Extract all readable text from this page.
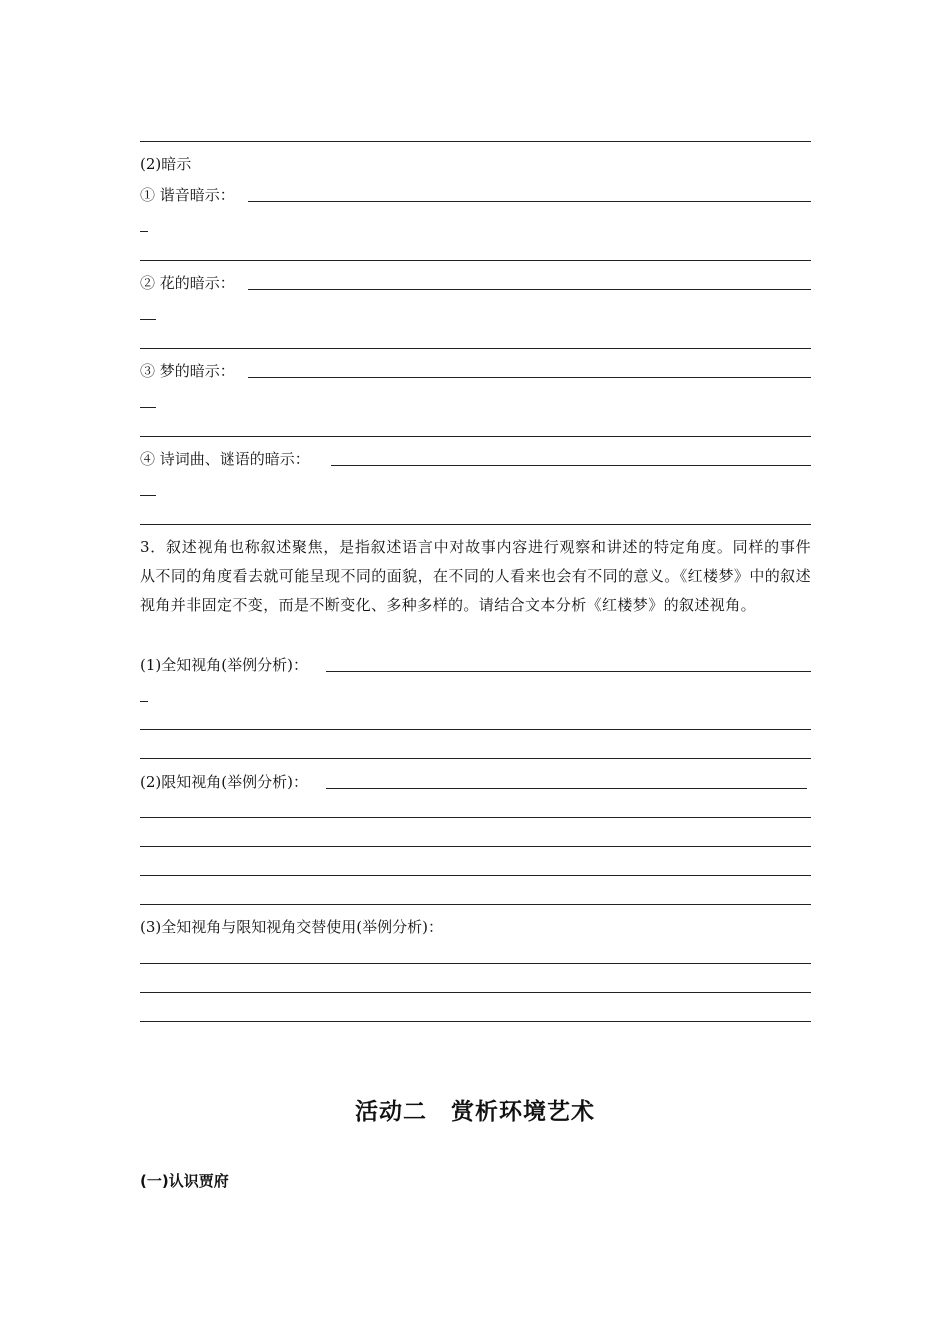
(2)暗示
① 谐音暗示：
② 花的暗示：
③ 梦的暗示：
④ 诗词曲、谜语的暗示：
3．叙述视角也称叙述聚焦，是指叙述语言中对故事内容进行观察和讲述的特定角度。同样的事件从不同的角度看去就可能呈现不同的面貌，在不同的人看来也会有不同的意义。《红楼梦》中的叙述视角并非固定不变，而是不断变化、多种多样的。请结合文本分析《红楼梦》的叙述视角。
(1)全知视角(举例分析)：
(2)限知视角(举例分析)：
(3)全知视角与限知视角交替使用(举例分析)：
活动二　赏析环境艺术
(一)认识贾府
